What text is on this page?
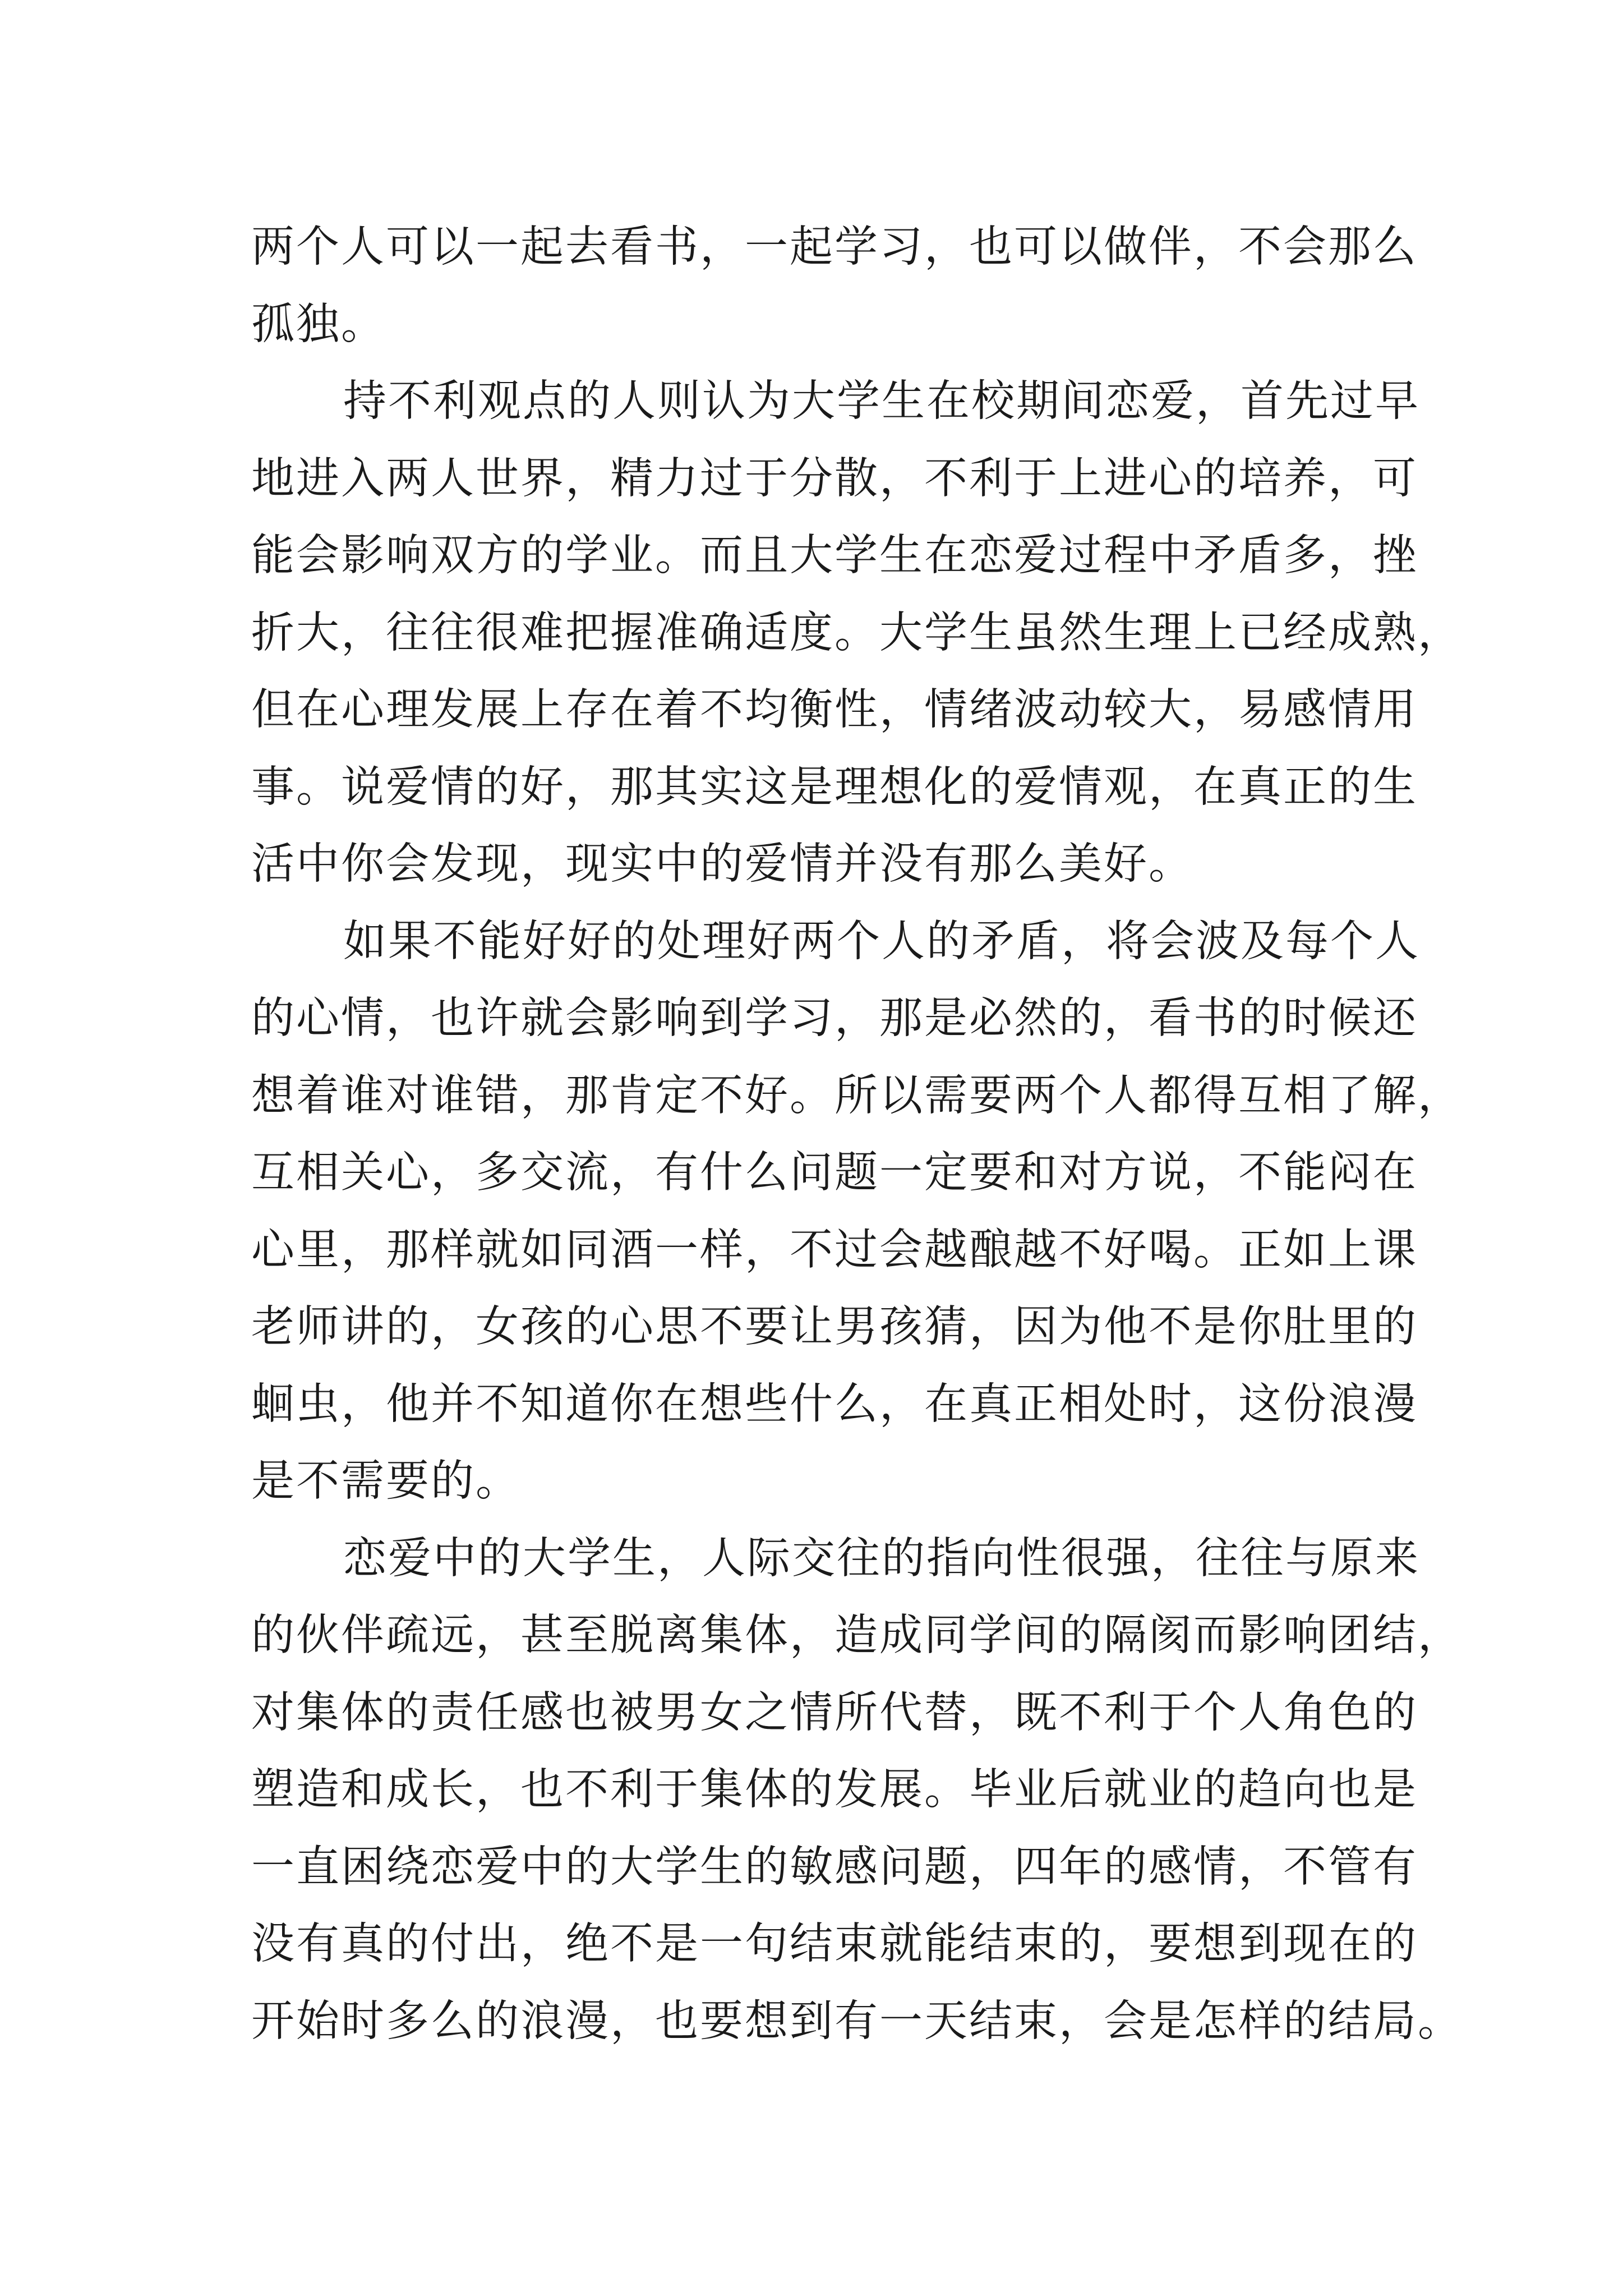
两个人可以一起去看书，一起学习，也可以做伴，不会那么
孤独。
持不利观点的人则认为大学生在校期间恋爱，首先过早
地进入两人世界，精力过于分散，不利于上进心的培养，可
能会影响双方的学业。而且大学生在恋爱过程中矛盾多，挫
折大，往往很难把握准确适度。大学生虽然生理上已经成熟，
但在心理发展上存在着不均衡性，情绪波动较大，易感情用
事。说爱情的好，那其实这是理想化的爱情观，在真正的生
活中你会发现，现实中的爱情并没有那么美好。
如果不能好好的处理好两个人的矛盾，将会波及每个人
的心情，也许就会影响到学习，那是必然的，看书的时候还
想着谁对谁错，那肯定不好。所以需要两个人都得互相了解，
互相关心，多交流，有什么问题一定要和对方说，不能闷在
心里，那样就如同酒一样，不过会越酿越不好喝。正如上课
老师讲的，女孩的心思不要让男孩猜，因为他不是你肚里的
蛔虫，他并不知道你在想些什么，在真正相处时，这份浪漫
是不需要的。
恋爱中的大学生，人际交往的指向性很强，往往与原来
的伙伴疏远，甚至脱离集体，造成同学间的隔阂而影响团结，
对集体的责任感也被男女之情所代替，既不利于个人角色的
塑造和成长，也不利于集体的发展。毕业后就业的趋向也是
一直困绕恋爱中的大学生的敏感问题，四年的感情，不管有
没有真的付出，绝不是一句结束就能结束的，要想到现在的
开始时多么的浪漫，也要想到有一天结束，会是怎样的结局。
